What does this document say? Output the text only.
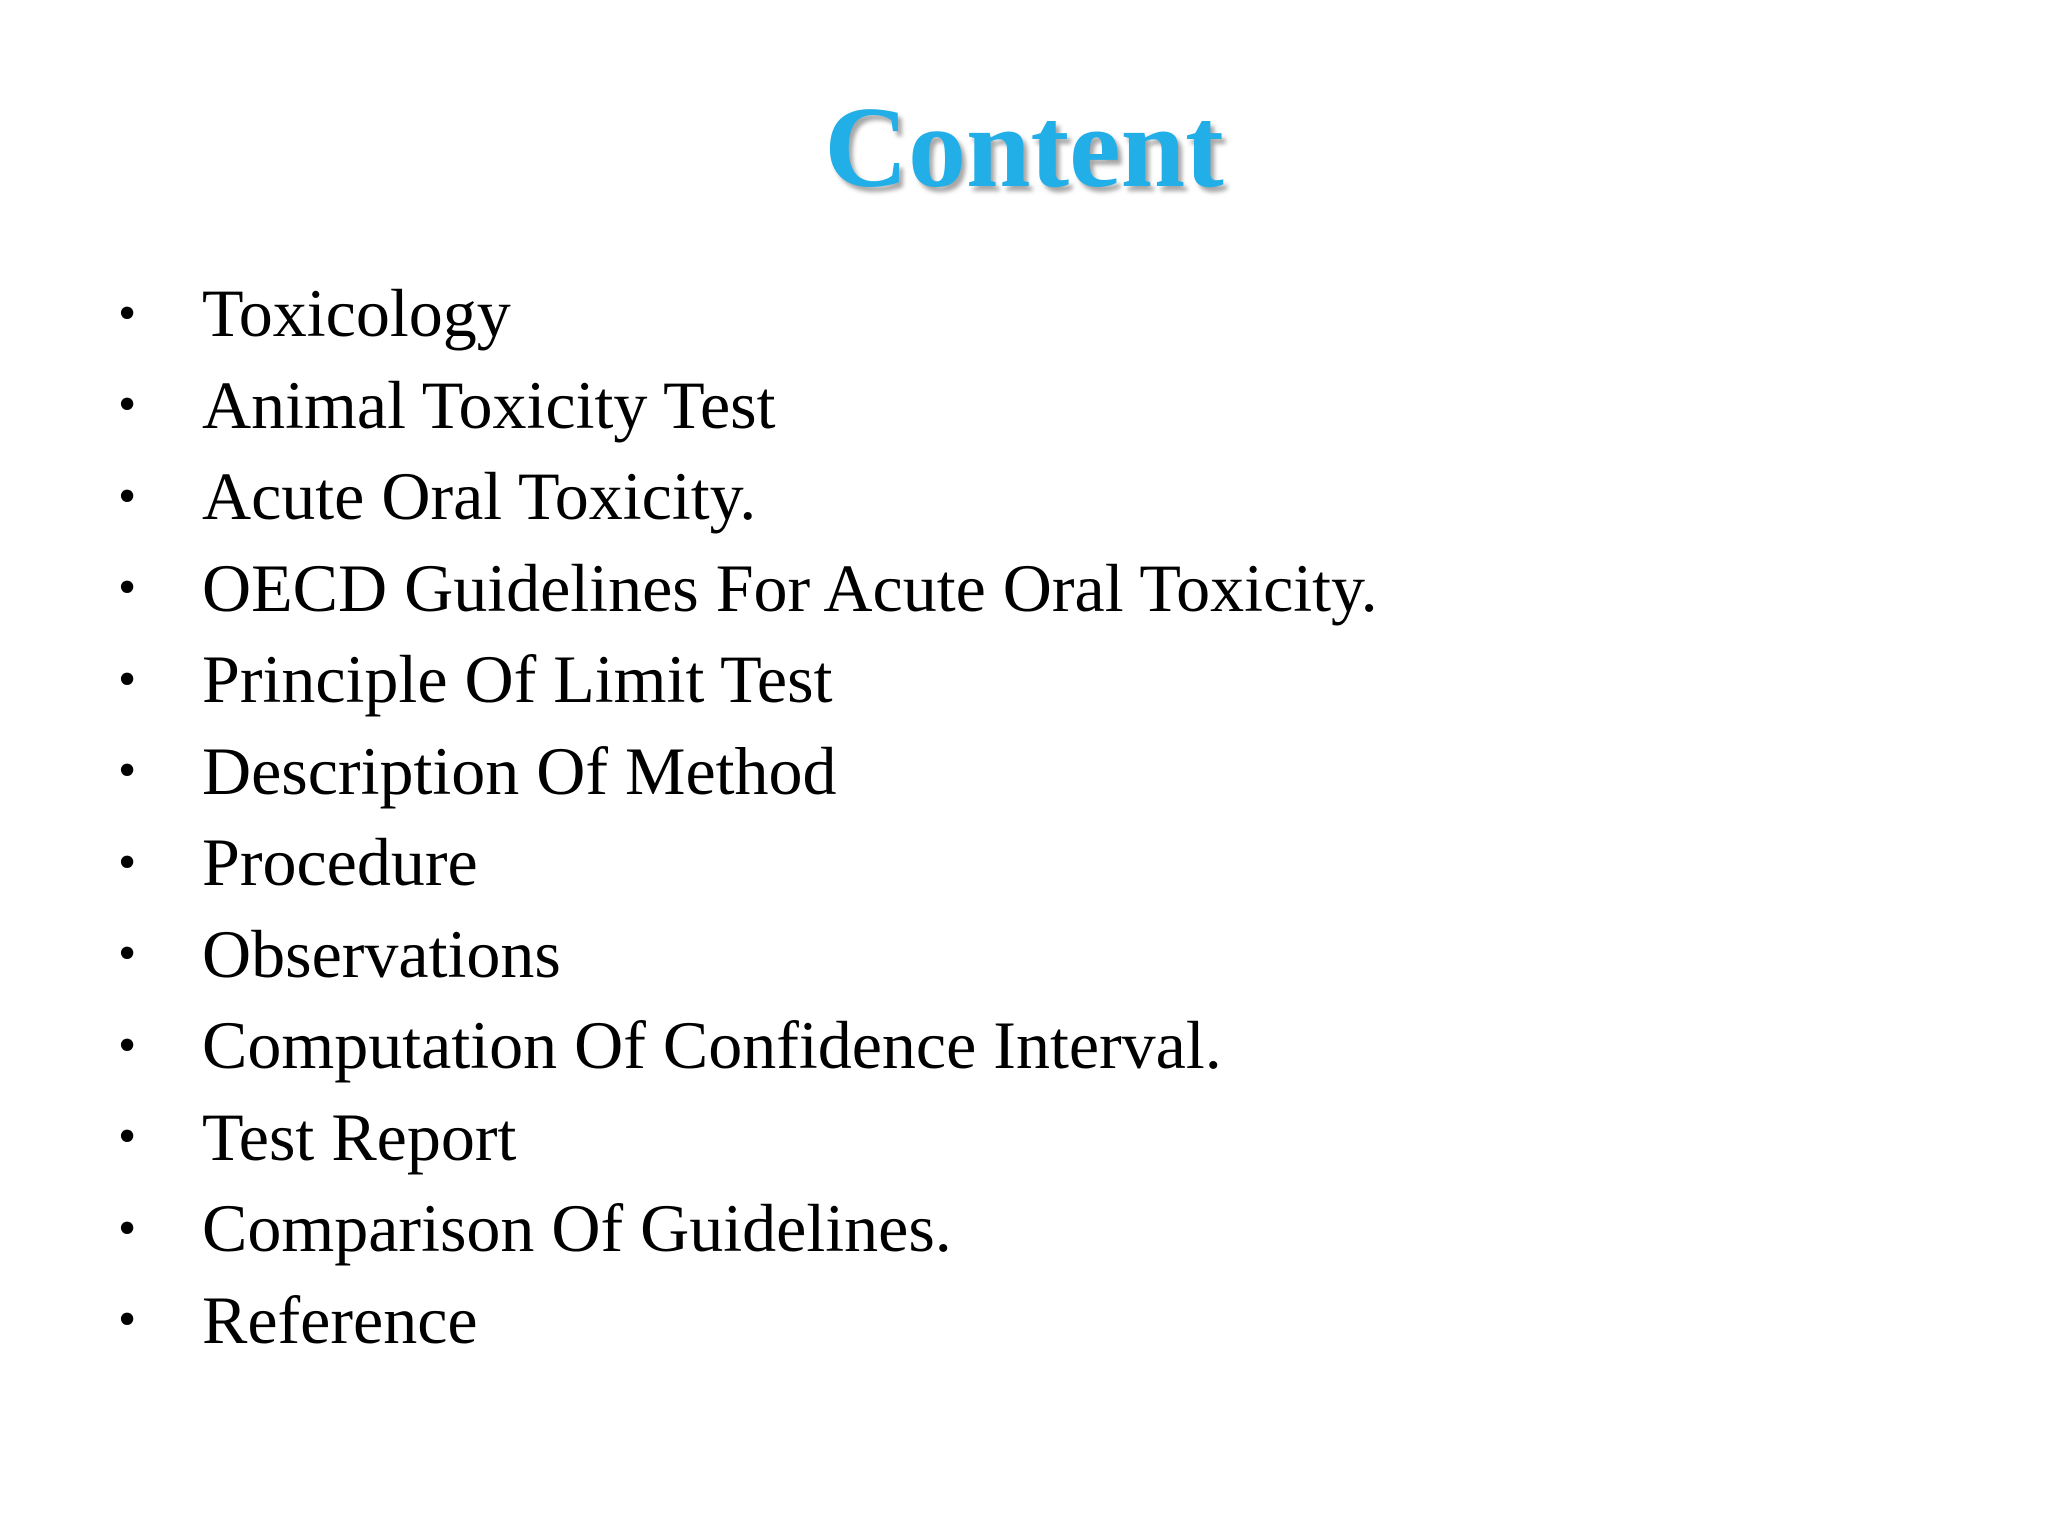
Content
• Toxicology
• Animal Toxicity Test
• Acute Oral Toxicity.
• OECD Guidelines For Acute Oral Toxicity.
• Principle Of Limit Test
• Description Of Method
• Procedure
• Observations
• Computation Of Confidence Interval.
• Test Report
• Comparison Of Guidelines.
• Reference
